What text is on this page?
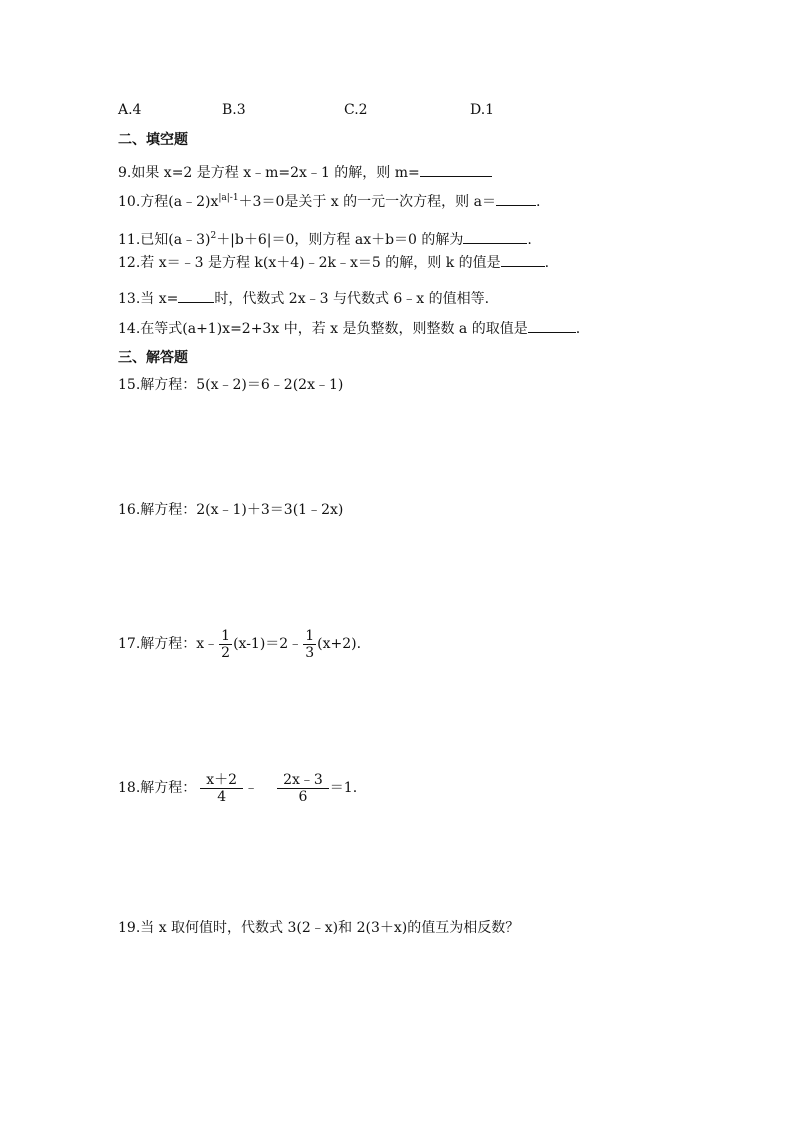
A.4	B.3	C.2	D.1
二、填空题
9.如果 x=2 是方程 x﹣m=2x﹣1 的解，则 m=
10.方程$(a﹣2)x^{|a|-1}+3=0$是关于 x 的一元一次方程，则 a＝	.
11.已知(a﹣3)$^2$＋|b＋6|＝0，则方程 ax＋b＝0 的解为	.
12.若 x＝﹣3 是方程 k(x＋4)﹣2k﹣x＝5 的解，则 k 的值是	.
13.当 x=	时，代数式 2x﹣3 与代数式 6﹣x 的值相等.
14.在等式(a+1)x=2+3x 中，若 x 是负整数，则整数 a 的取值是	.
三、解答题
15.解方程：5(x﹣2)＝6﹣2(2x﹣1)
16.解方程：2(x﹣1)＋3＝3(1﹣2x)
17.解方程：x﹣ $\frac{1}{2}$ (x-1)＝2﹣ $\frac{1}{3} (x+2)$.
18.解方程： $\frac{x+2}{4}$ ﹣ $\frac{2x﹣3}{6} =1$.
19.当 x 取何值时，代数式 3(2﹣x)和 2(3＋x)的值互为相反数？
